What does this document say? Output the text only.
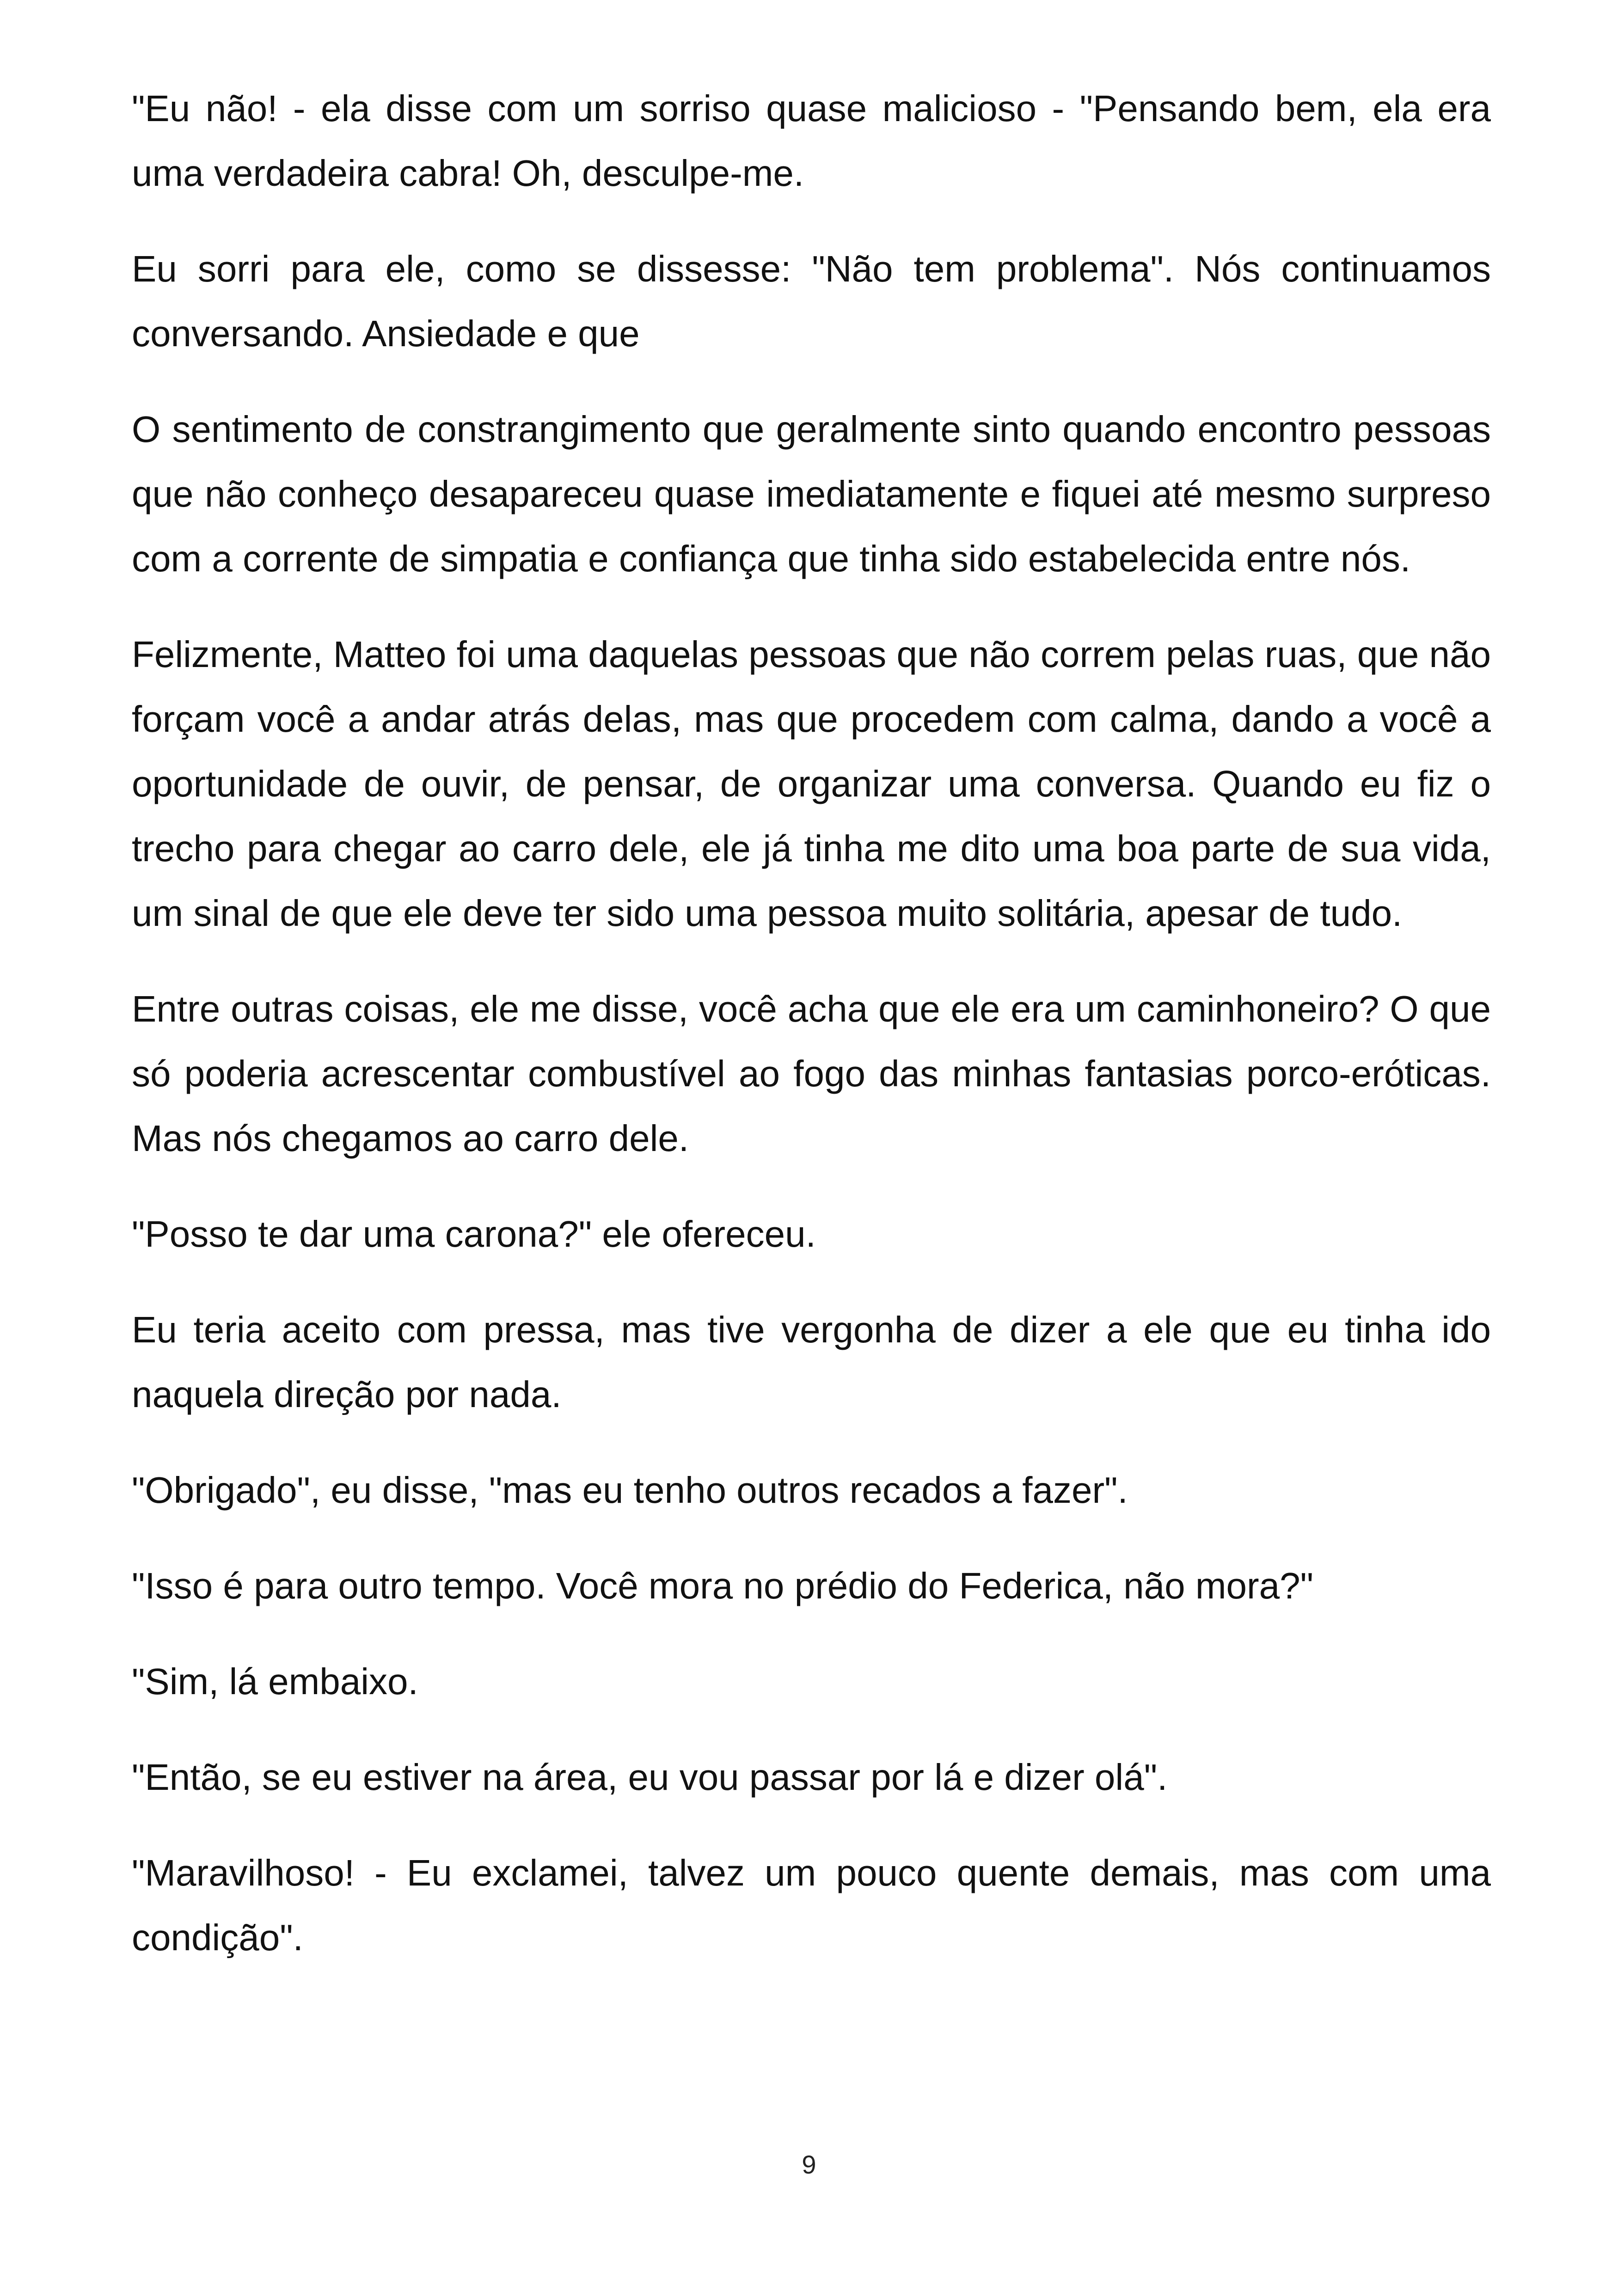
"Eu não! - ela disse com um sorriso quase malicioso - "Pensando bem, ela era uma verdadeira cabra! Oh, desculpe-me.

Eu sorri para ele, como se dissesse: "Não tem problema". Nós continuamos conversando. Ansiedade e que

O sentimento de constrangimento que geralmente sinto quando encontro pessoas que não conheço desapareceu quase imediatamente e fiquei até mesmo surpreso com a corrente de simpatia e confiança que tinha sido estabelecida entre nós.

Felizmente, Matteo foi uma daquelas pessoas que não correm pelas ruas, que não forçam você a andar atrás delas, mas que procedem com calma, dando a você a oportunidade de ouvir, de pensar, de organizar uma conversa. Quando eu fiz o trecho para chegar ao carro dele, ele já tinha me dito uma boa parte de sua vida, um sinal de que ele deve ter sido uma pessoa muito solitária, apesar de tudo.

Entre outras coisas, ele me disse, você acha que ele era um caminhoneiro? O que só poderia acrescentar combustível ao fogo das minhas fantasias porco-eróticas. Mas nós chegamos ao carro dele.

"Posso te dar uma carona?" ele ofereceu.

Eu teria aceito com pressa, mas tive vergonha de dizer a ele que eu tinha ido naquela direção por nada.

"Obrigado", eu disse, "mas eu tenho outros recados a fazer".

"Isso é para outro tempo. Você mora no prédio do Federica, não mora?"

"Sim, lá embaixo.

"Então, se eu estiver na área, eu vou passar por lá e dizer olá".

"Maravilhoso! - Eu exclamei, talvez um pouco quente demais, mas com uma condição".

9
